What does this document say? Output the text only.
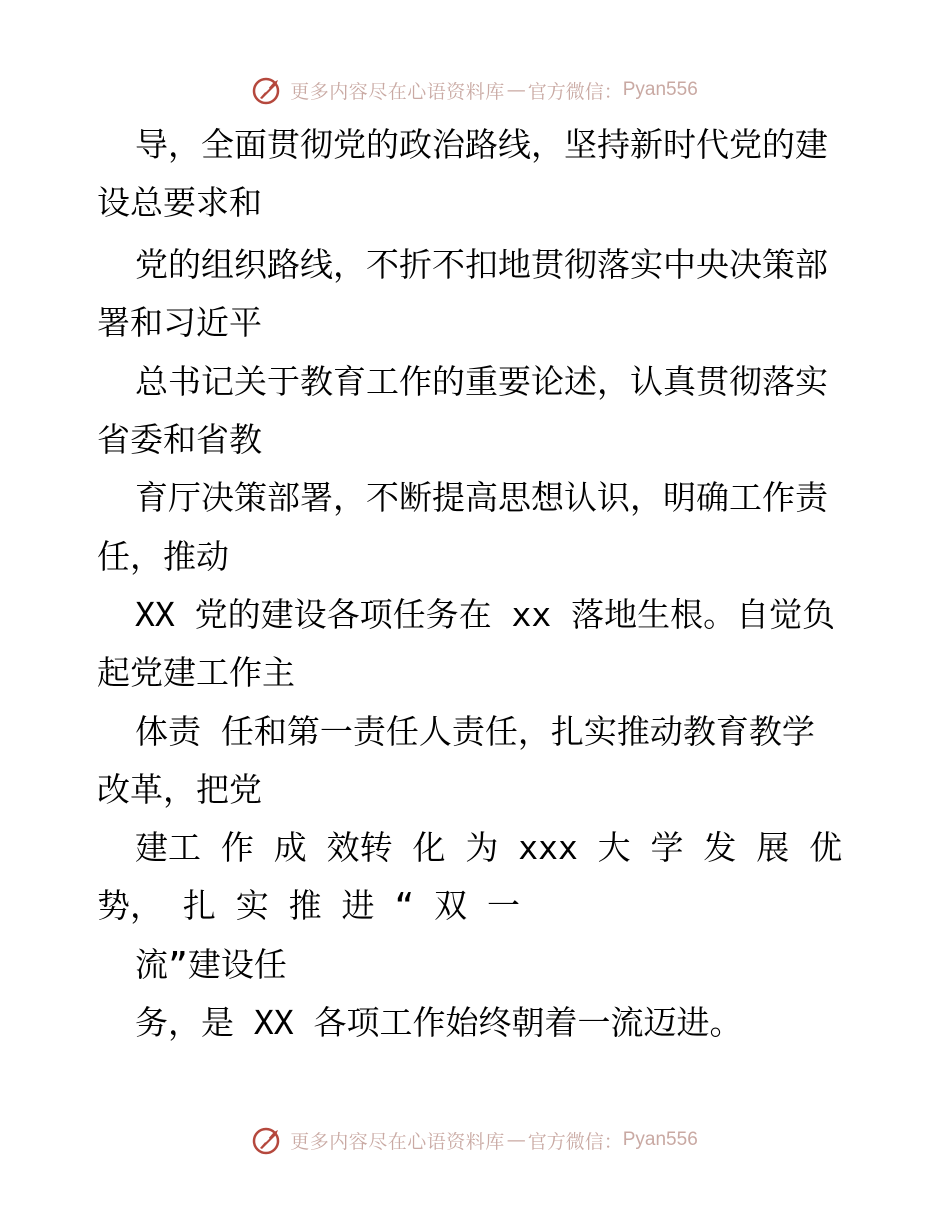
更多内容尽在心语资料库 — 官方微信： Pyan556
导，全面贯彻党的政治路线，坚持新时代党的建
设总要求和
党的组织路线，不折不扣地贯彻落实中央决策部
署和习近平
总书记关于教育工作的重要论述，认真贯彻落实
省委和省教
育厅决策部署，不断提高思想认识，明确工作责
任，推动
XX 党的建设各项任务在 xx 落地生根。自觉负
起党建工作主
体责 任和第一责任人责任，扎实推动教育教学
改革，把党
建工 作 成 效转 化 为 xxx 大 学 发 展 优
势， 扎 实 推 进 “ 双 一
流”建设任
务，是 XX 各项工作始终朝着一流迈进。
更多内容尽在心语资料库 — 官方微信： Pyan556
